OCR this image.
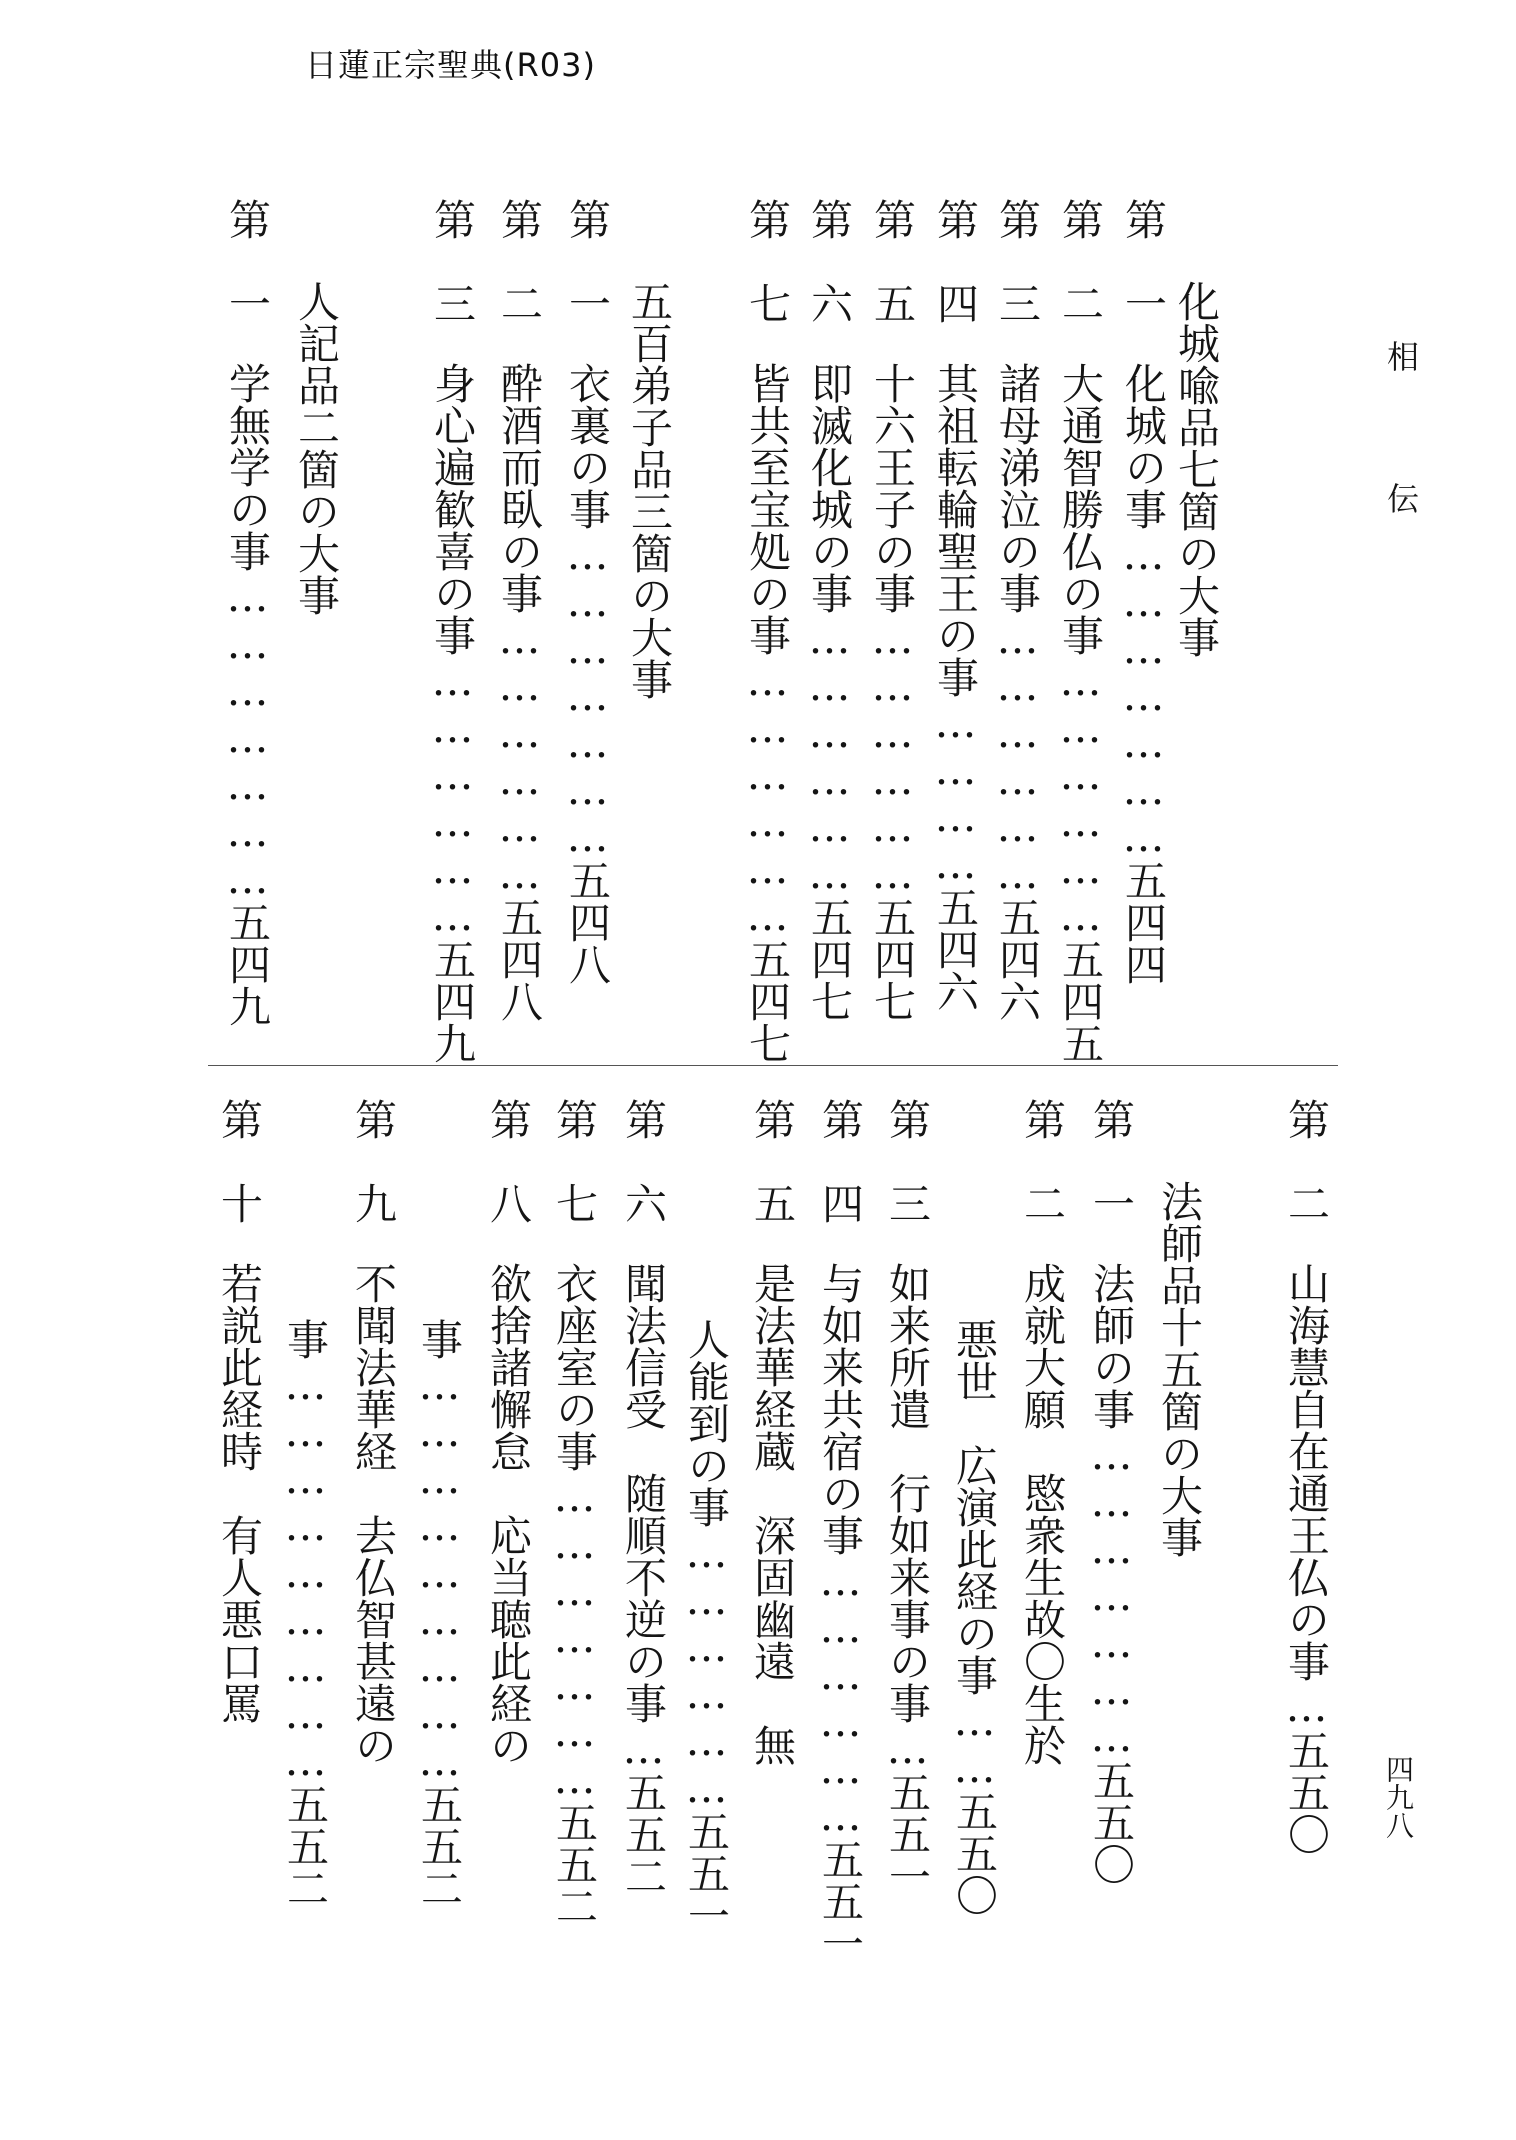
日蓮正宗聖典(R03)
相伝
四九八
化城喩品七箇の大事
第　一化城の事…………………五四四
第　二大通智勝仏の事………………五四五
第　三諸母涕泣の事………………五四六
第　四其祖転輪聖王の事…………五四六
第　五十六王子の事………………五四七
第　六即滅化城の事………………五四七
第　七皆共至宝処の事………………五四七
五百弟子品三箇の大事
第　一衣裏の事…………………五四八
第　二酔酒而臥の事………………五四八
第　三身心遍歓喜の事………………五四九
人記品二箇の大事
第　一学無学の事…………………五四九
第　二山海慧自在通王仏の事…五五〇
法師品十五箇の大事
第　一法師の事…………………五五〇
第　二成就大願　愍衆生故〇生於
悪世　広演此経の事……五五〇
第　三如来所遣　行如来事の事…五五一
第　四与如来共宿の事………………五五一
第　五是法華経蔵　深固幽遠　無
人能到の事………………五五一
第　六聞法信受　随順不逆の事…五五二
第　七衣座室の事…………………五五二
第　八欲捨諸懈怠　応当聴此経の
事………………………五五二
第　九不聞法華経　去仏智甚遠の
事………………………五五二
第　十若説此経時　有人悪口罵
